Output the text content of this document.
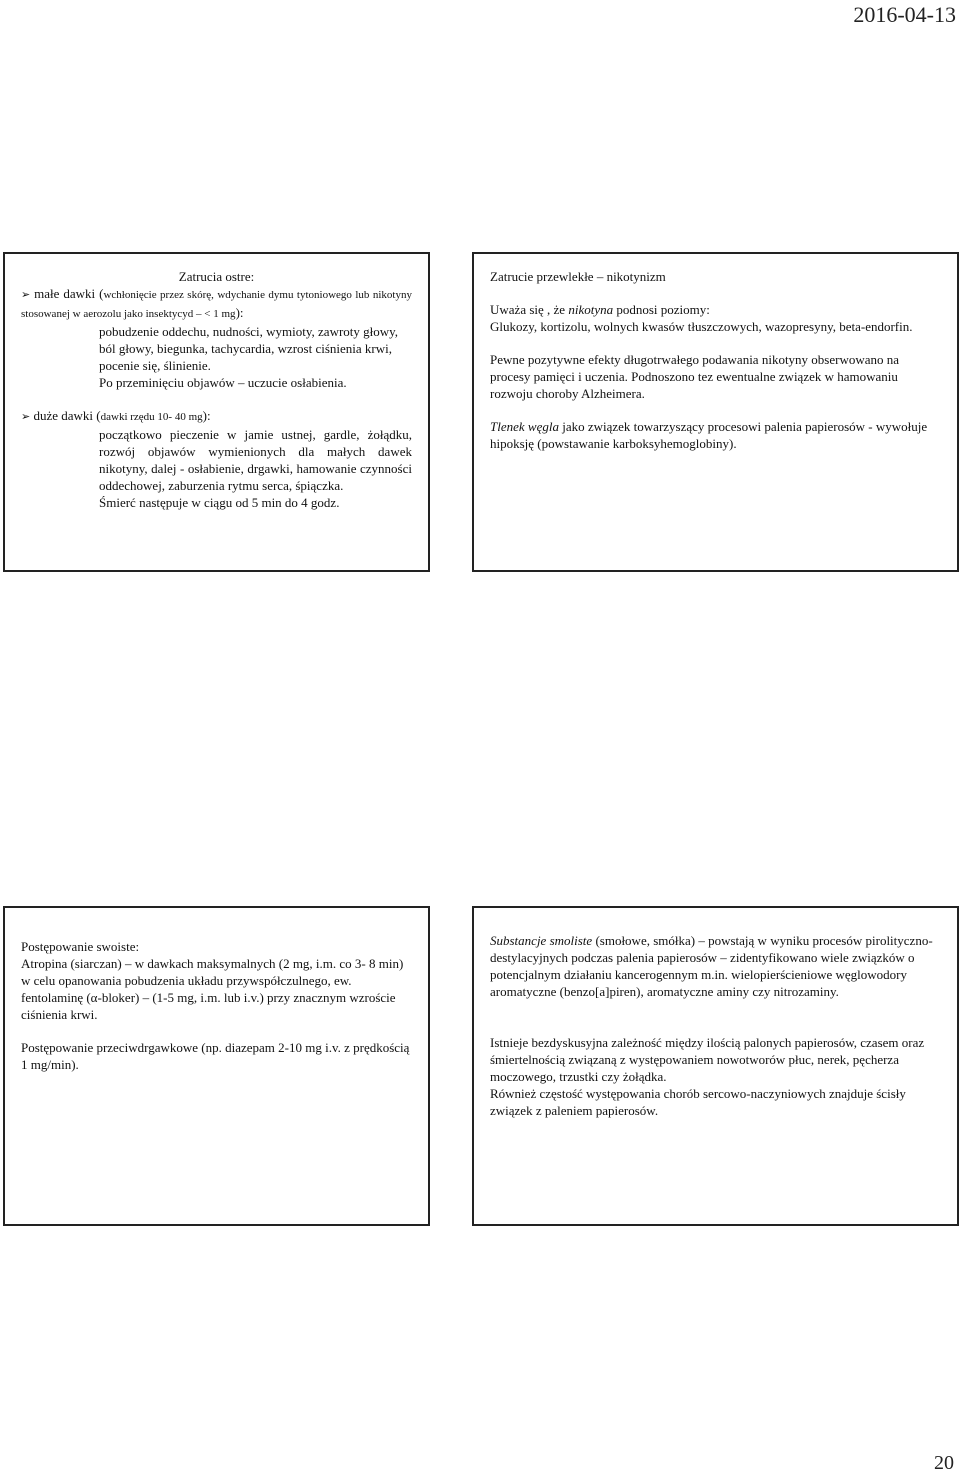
2016-04-13

Zatrucia ostre:

➢ małe dawki (wchłonięcie przez skórę, wdychanie dymu tytoniowego lub nikotyny stosowanej w aerozolu jako insektycyd – < 1 mg):

pobudzenie oddechu, nudności, wymioty, zawroty głowy, ból głowy, biegunka, tachycardia, wzrost ciśnienia krwi, pocenie się, ślinienie.

Po przeminięciu objawów – uczucie osłabienia.

➢ duże dawki (dawki rzędu 10- 40 mg):

początkowo pieczenie w jamie ustnej, gardle, żołądku, rozwój objawów wymienionych dla małych dawek nikotyny, dalej - osłabienie, drgawki, hamowanie czynności oddechowej, zaburzenia rytmu serca, śpiączka.

Śmierć następuje w ciągu od 5 min do 4 godz.

Zatrucie przewlekłe – nikotynizm

Uważa się , że nikotyna podnosi poziomy:

Glukozy, kortizolu, wolnych kwasów tłuszczowych, wazopresyny, beta-endorfin.

Pewne pozytywne efekty długotrwałego podawania nikotyny obserwowano na procesy pamięci i uczenia. Podnoszono tez ewentualne związek w hamowaniu rozwoju choroby Alzheimera.

Tlenek węgla jako związek towarzyszący procesowi palenia papierosów - wywołuje hipoksję (powstawanie karboksyhemoglobiny).

Postępowanie swoiste:

Atropina (siarczan) – w dawkach maksymalnych (2 mg, i.m. co 3- 8 min) w celu opanowania pobudzenia układu przywspółczulnego, ew. fentolaminę (α-bloker) – (1-5 mg, i.m. lub i.v.) przy znacznym wzroście ciśnienia krwi.

Postępowanie przeciwdrgawkowe (np. diazepam 2-10 mg i.v. z prędkością 1 mg/min).

Substancje smoliste (smołowe, smółka) – powstają w wyniku procesów pirolityczno-destylacyjnych podczas palenia papierosów – zidentyfikowano wiele związków o potencjalnym działaniu kancerogennym m.in. wielopierścieniowe węglowodory aromatyczne (benzo[a]piren), aromatyczne aminy czy nitrozaminy.

Istnieje bezdyskusyjna zależność między ilością palonych papierosów, czasem oraz śmiertelnością związaną z występowaniem nowotworów płuc, nerek, pęcherza moczowego, trzustki czy żołądka.

Również częstość występowania chorób sercowo-naczyniowych znajduje ścisły związek z paleniem papierosów.

20
